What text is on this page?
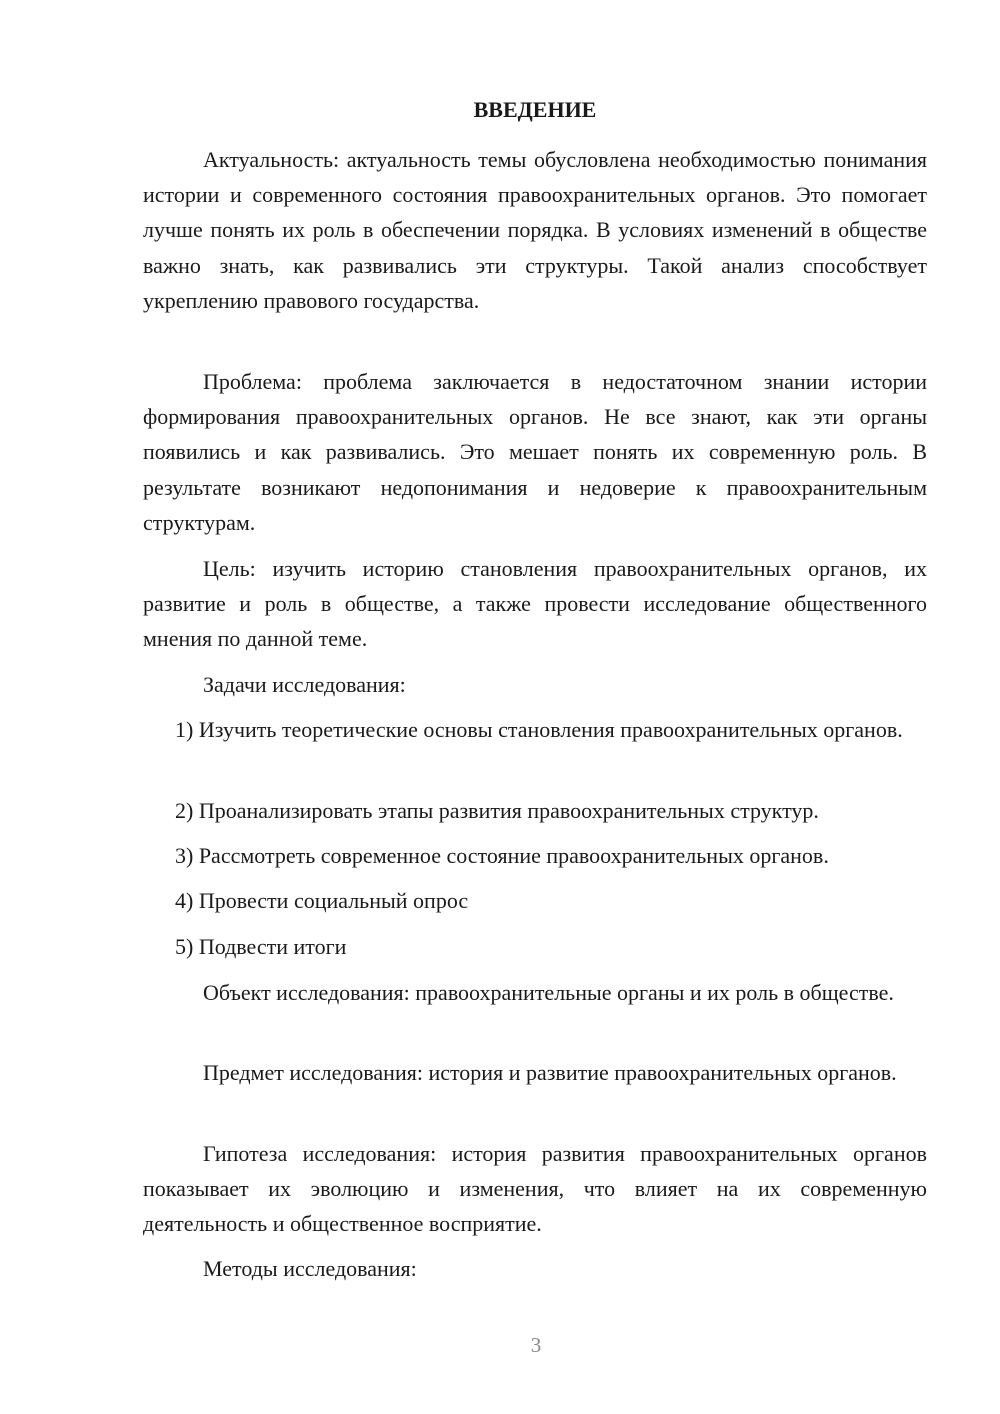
ВВЕДЕНИЕ

Актуальность: актуальность темы обусловлена необходимостью понимания истории и современного состояния правоохранительных органов. Это помогает лучше понять их роль в обеспечении порядка. В условиях изменений в обществе важно знать, как развивались эти структуры. Такой анализ способствует укреплению правового государства.

Проблема: проблема заключается в недостаточном знании истории формирования правоохранительных органов. Не все знают, как эти органы появились и как развивались. Это мешает понять их современную роль. В результате возникают недопонимания и недоверие к правоохранительным структурам.

Цель: изучить историю становления правоохранительных органов, их развитие и роль в обществе, а также провести исследование общественного мнения по данной теме.

Задачи исследования:

1) Изучить теоретические основы становления правоохранительных органов.

2) Проанализировать этапы развития правоохранительных структур.

3) Рассмотреть современное состояние правоохранительных органов.

4) Провести социальный опрос

5) Подвести итоги

Объект исследования: правоохранительные органы и их роль в обществе.

Предмет исследования: история и развитие правоохранительных органов.

Гипотеза исследования: история развития правоохранительных органов показывает их эволюцию и изменения, что влияет на их современную деятельность и общественное восприятие.

Методы исследования:

3
